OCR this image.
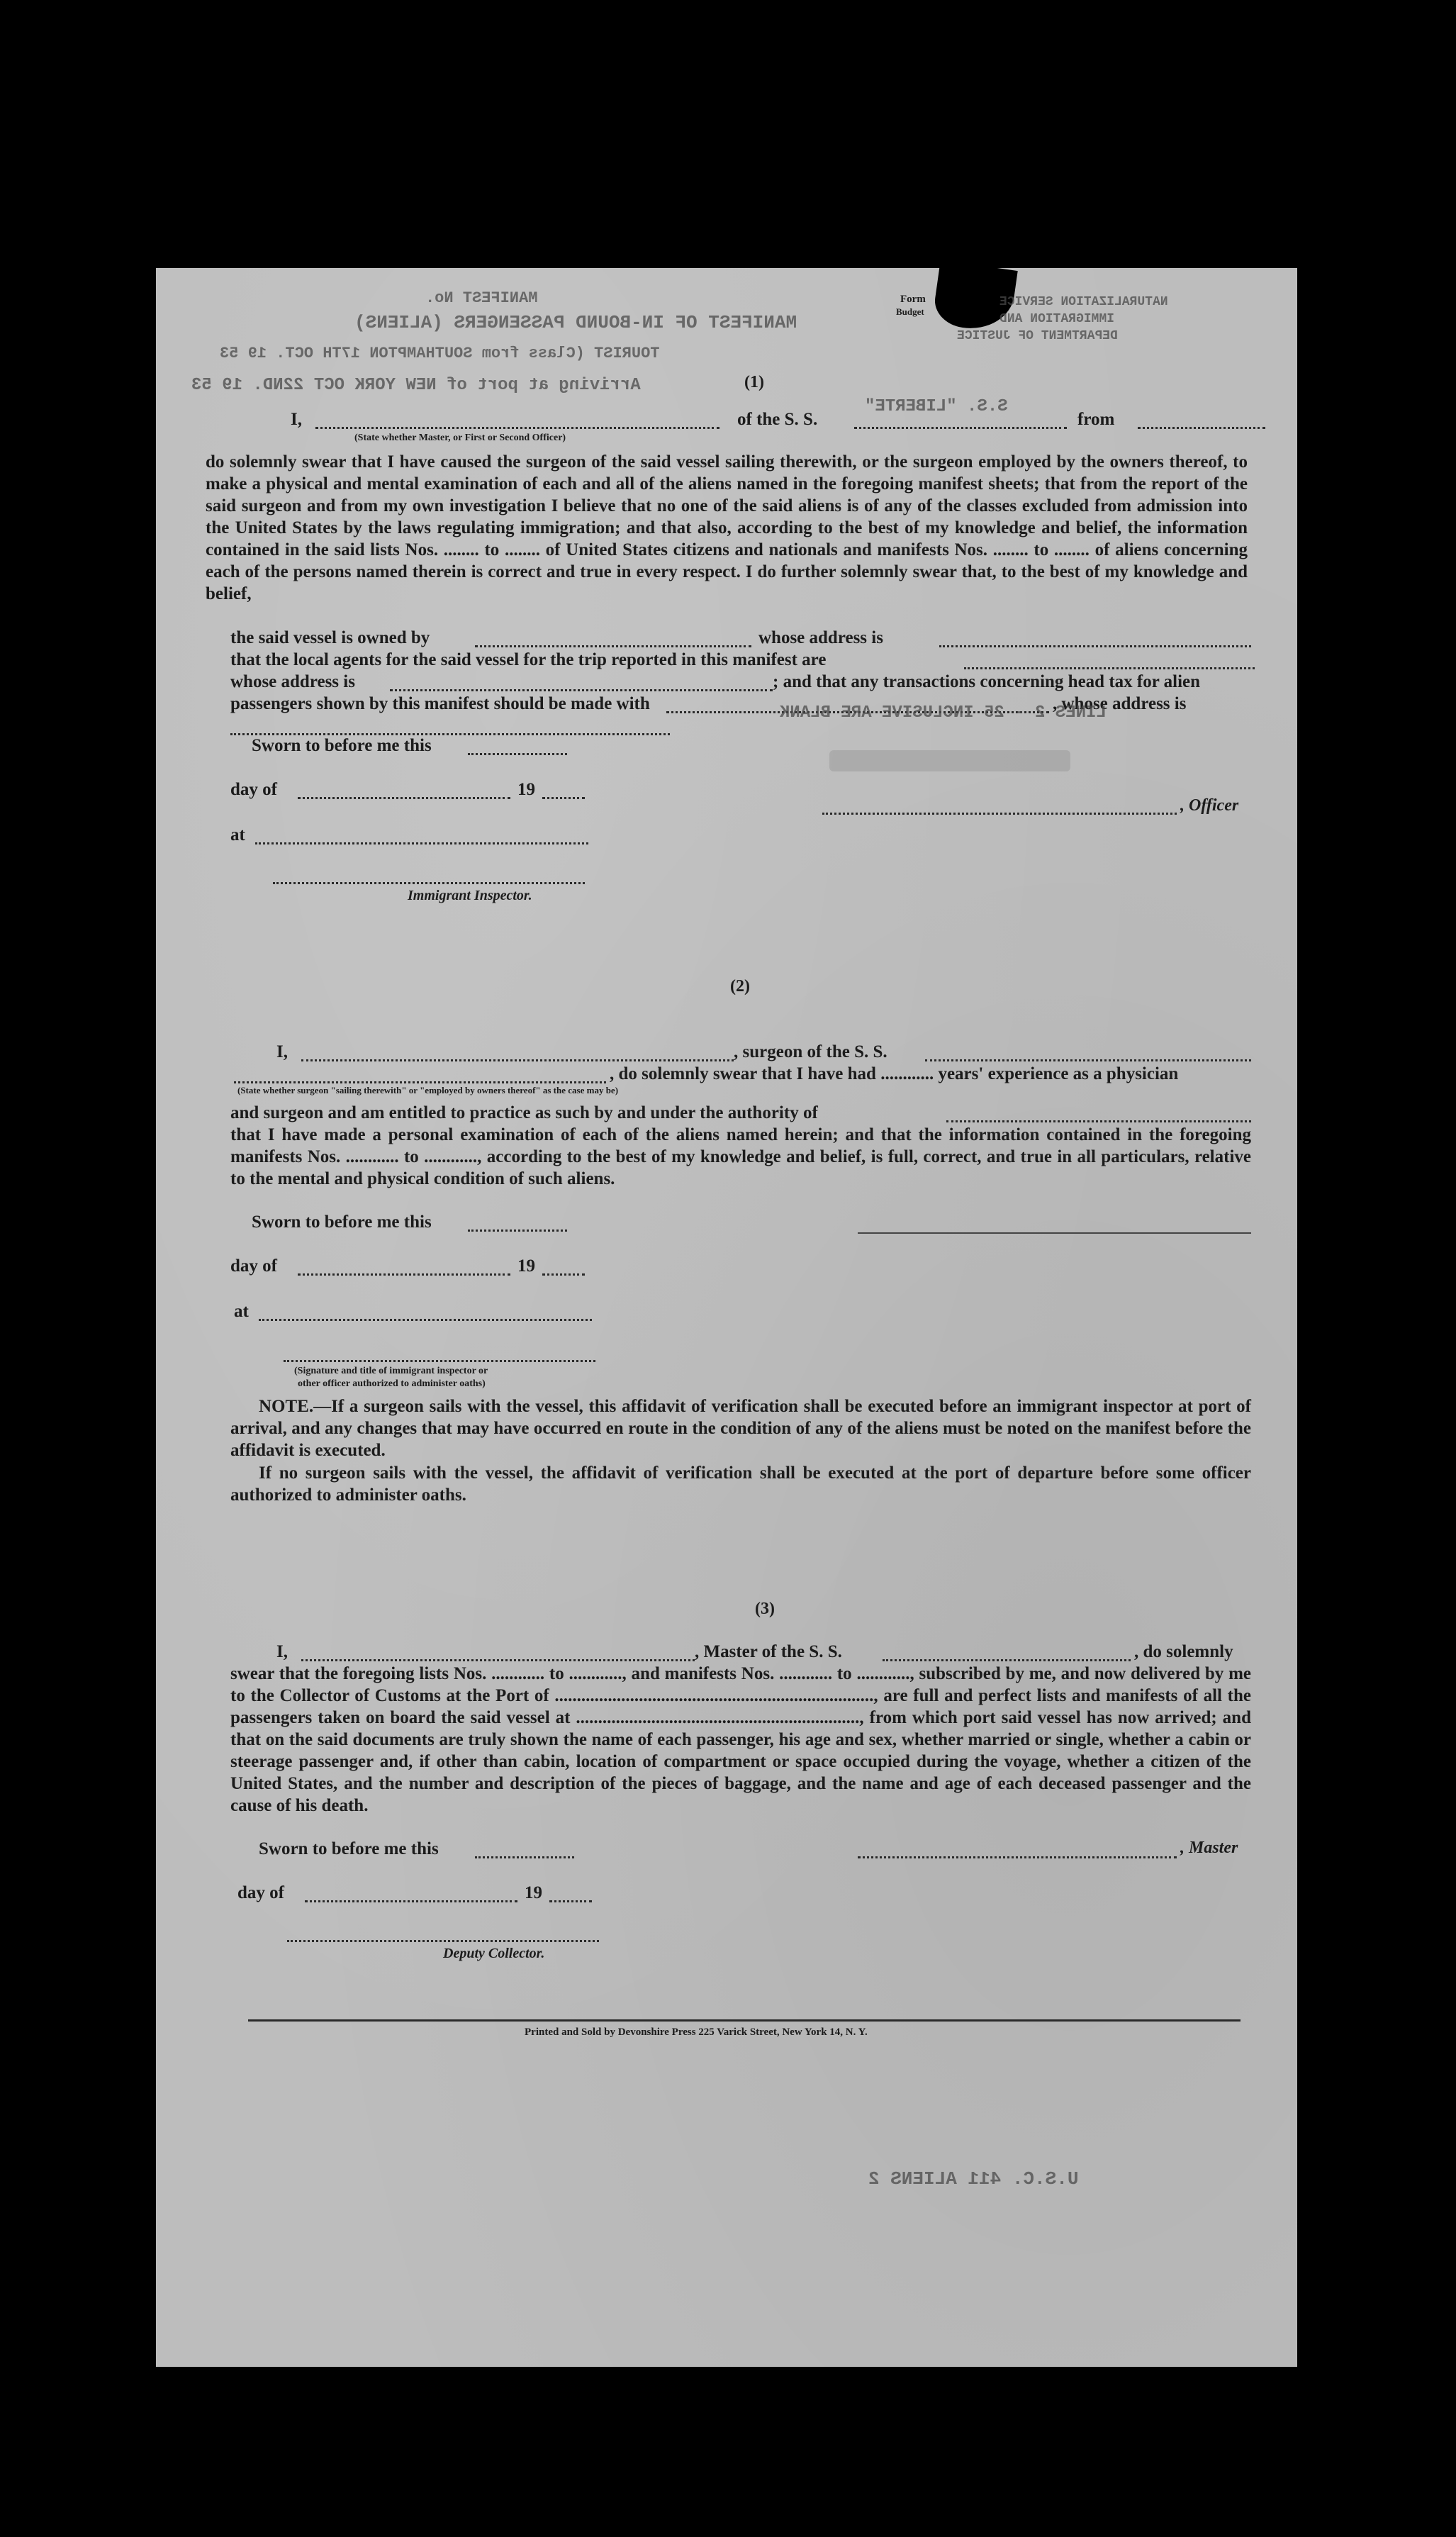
Form
Budget
MANIFEST No.
MANIFEST OF IN-BOUND PASSENGERS (ALIENS)
TOURIST (Class from SOUTHAMPTON 17TH OCT. 19 53
Arriving at port of NEW YORK OCT 22ND. 19 53
NATURALIZATION SERVICE
IMMIGRATION AND
DEPARTMENT OF JUSTICE
S.S. "LIBERTE"
(1)
I,
(State whether Master, or First or Second Officer)
of the S. S.	from
do solemnly swear that I have caused the surgeon of the said vessel sailing therewith, or the surgeon employed by the owners thereof, to make a physical and mental examination of each and all of the aliens named in the foregoing manifest sheets; that from the report of the said surgeon and from my own investigation I believe that no one of the said aliens is of any of the classes excluded from admission into the United States by the laws regulating immigration; and that also, according to the best of my knowledge and belief, the information contained in the said lists Nos. ........ to ........ of United States citizens and nationals and manifests Nos. ........ to ........ of aliens concerning each of the persons named therein is correct and true in every respect. I do further solemnly swear that, to the best of my knowledge and belief,
the said vessel is owned by	whose address is
that the local agents for the said vessel for the trip reported in this manifest are
whose address is	; and that any transactions concerning head tax for alien
passengers shown by this manifest should be made with	, whose address is
LINES 2 - 25 INCLUSIVE ARE BLANK
Sworn to before me this
day of	19
, Officer
at
Immigrant Inspector.
(2)
I,	, surgeon of the S. S.
, do solemnly swear that I have had ............ years' experience as a physician
(State whether surgeon "sailing therewith" or "employed by owners thereof" as the case may be)
and surgeon and am entitled to practice as such by and under the authority of
that I have made a personal examination of each of the aliens named herein; and that the information contained in the foregoing manifests Nos. ............ to ............, according to the best of my knowledge and belief, is full, correct, and true in all particulars, relative to the mental and physical condition of such aliens.
Sworn to before me this
day of	19
at
(Signature and title of immigrant inspector or
other officer authorized to administer oaths)
NOTE.—If a surgeon sails with the vessel, this affidavit of verification shall be executed before an immigrant inspector at port of arrival, and any changes that may have occurred en route in the condition of any of the aliens must be noted on the manifest before the affidavit is executed.
If no surgeon sails with the vessel, the affidavit of verification shall be executed at the port of departure before some officer authorized to administer oaths.
(3)
I,	, Master of the S. S.	, do solemnly
swear that the foregoing lists Nos. ............ to ............, and manifests Nos. ............ to ............, subscribed by me, and now delivered by me to the Collector of Customs at the Port of ........................................................................, are full and perfect lists and manifests of all the passengers taken on board the said vessel at ................................................................, from which port said vessel has now arrived; and that on the said documents are truly shown the name of each passenger, his age and sex, whether married or single, whether a cabin or steerage passenger and, if other than cabin, location of compartment or space occupied during the voyage, whether a citizen of the United States, and the number and description of the pieces of baggage, and the name and age of each deceased passenger and the cause of his death.
Sworn to before me this	, Master
day of	19
Deputy Collector.
Printed and Sold by Devonshire Press 225 Varick Street, New York 14, N. Y.
U.S.C. 411 ALIENS 2
